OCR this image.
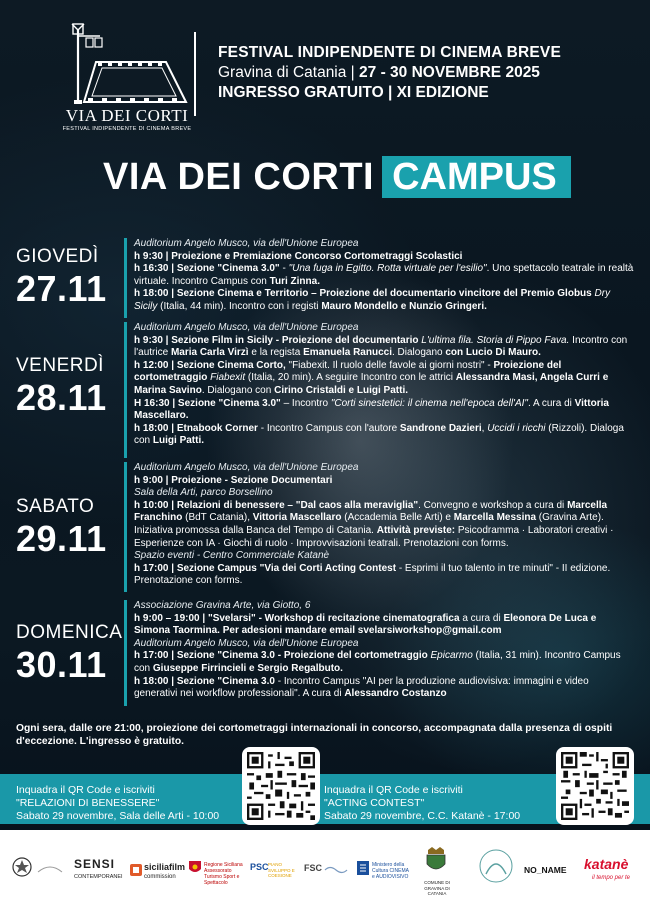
VIA DEI CORTI
FESTIVAL INDIPENDENTE DI CINEMA BREVE
FESTIVAL INDIPENDENTE DI CINEMA BREVE
Gravina di Catania | 27 - 30 NOVEMBRE 2025
INGRESSO GRATUITO | XI EDIZIONE
VIA DEI CORTI CAMPUS
GIOVEDÌ
27.11

Auditorium Angelo Musco, via dell'Unione Europea

h 9:30 | Proiezione e Premiazione Concorso Cortometraggi Scolastici

h 16:30 | Sezione "Cinema 3.0" - "Una fuga in Egitto. Rotta virtuale per l'esilio". Uno spettacolo teatrale in realtà virtuale. Incontro Campus con Turi Zinna.

h 18:00 | Sezione Cinema e Territorio – Proiezione del documentario vincitore del Premio Globus Dry Sicily (Italia, 44 min). Incontro con i registi Mauro Mondello e Nunzio Gringeri.

VENERDÌ
28.11

Auditorium Angelo Musco, via dell'Unione Europea

h 9:30 | Sezione Film in Sicily - Proiezione del documentario L'ultima fila. Storia di Pippo Fava. Incontro con l'autrice Maria Carla Virzì e la regista Emanuela Ranucci. Dialogano con Lucio Di Mauro.

h 12:00 | Sezione Cinema Corto, "Fiabexit. Il ruolo delle favole ai giorni nostri" - Proiezione del cortometraggio Fiabexit (Italia, 20 min). A seguire Incontro con le attrici Alessandra Masi, Angela Curri e Marina Savino. Dialogano con Cirino Cristaldi e Luigi Patti.

H 16:30 | Sezione "Cinema 3.0" – Incontro "Corti sinestetici: il cinema nell'epoca dell'AI". A cura di Vittoria Mascellaro.

h 18:00 | Etnabook Corner - Incontro Campus con l'autore Sandrone Dazieri, Uccidi i ricchi (Rizzoli). Dialoga con Luigi Patti.

SABATO
29.11

Auditorium Angelo Musco, via dell'Unione Europea

h 9:00 | Proiezione - Sezione Documentari

Sala della Arti, parco Borsellino

h 10:00 | Relazioni di benessere – "Dal caos alla meraviglia". Convegno e workshop a cura di Marcella Franchino (BdT Catania), Vittoria Mascellaro (Accademia Belle Arti) e Marcella Messina (Gravina Arte). Iniziativa promossa dalla Banca del Tempo di Catania. Attività previste: Psicodramma · Laboratori creativi · Esperienze con IA · Giochi di ruolo · Improvvisazioni teatrali. Prenotazioni con forms.

Spazio eventi - Centro Commerciale Katanè

h 17:00 | Sezione Campus "Via dei Corti Acting Contest - Esprimi il tuo talento in tre minuti" - II edizione. Prenotazione con forms.

DOMENICA
30.11

Associazione Gravina Arte, via Giotto, 6

h 9:00 – 19:00 | "Svelarsi" - Workshop di recitazione cinematografica a cura di Eleonora De Luca e Simona Taormina. Per adesioni mandare email svelarsiworkshop@gmail.com

Auditorium Angelo Musco, via dell'Unione Europea

h 17:00 | Sezione "Cinema 3.0 - Proiezione del cortometraggio Epicarmo (Italia, 31 min). Incontro Campus con Giuseppe Firrincieli e Sergio Regalbuto.

h 18:00 | Sezione "Cinema 3.0 - Incontro Campus "AI per la produzione audiovisiva: immagini e video generativi nei workflow professionali". A cura di Alessandro Costanzo

Ogni sera, dalle ore 21:00, proiezione dei cortometraggi internazionali in concorso, accompagnata dalla presenza di ospiti d'eccezione. L'ingresso è gratuito.
Inquadra il QR Code e iscriviti
"RELAZIONI DI BENESSERE"
Sabato 29 novembre, Sala delle Arti - 10:00
Inquadra il QR Code e iscriviti
"ACTING CONTEST"
Sabato 29 novembre, C.C. Katanè - 17:00
SENSI
CONTEMPORANEI
siciliafilm
commission
Regione Siciliana Assessorato Turismo Sport e Spettacolo
PSC PIANO SVILUPPO E COESIONE
FSC	Ministero della Cultura CINEMA e AUDIOVISIVO
COMUNE DI GRAVINA DI CATANIA
NO_NAME katanè
il tempo per te
